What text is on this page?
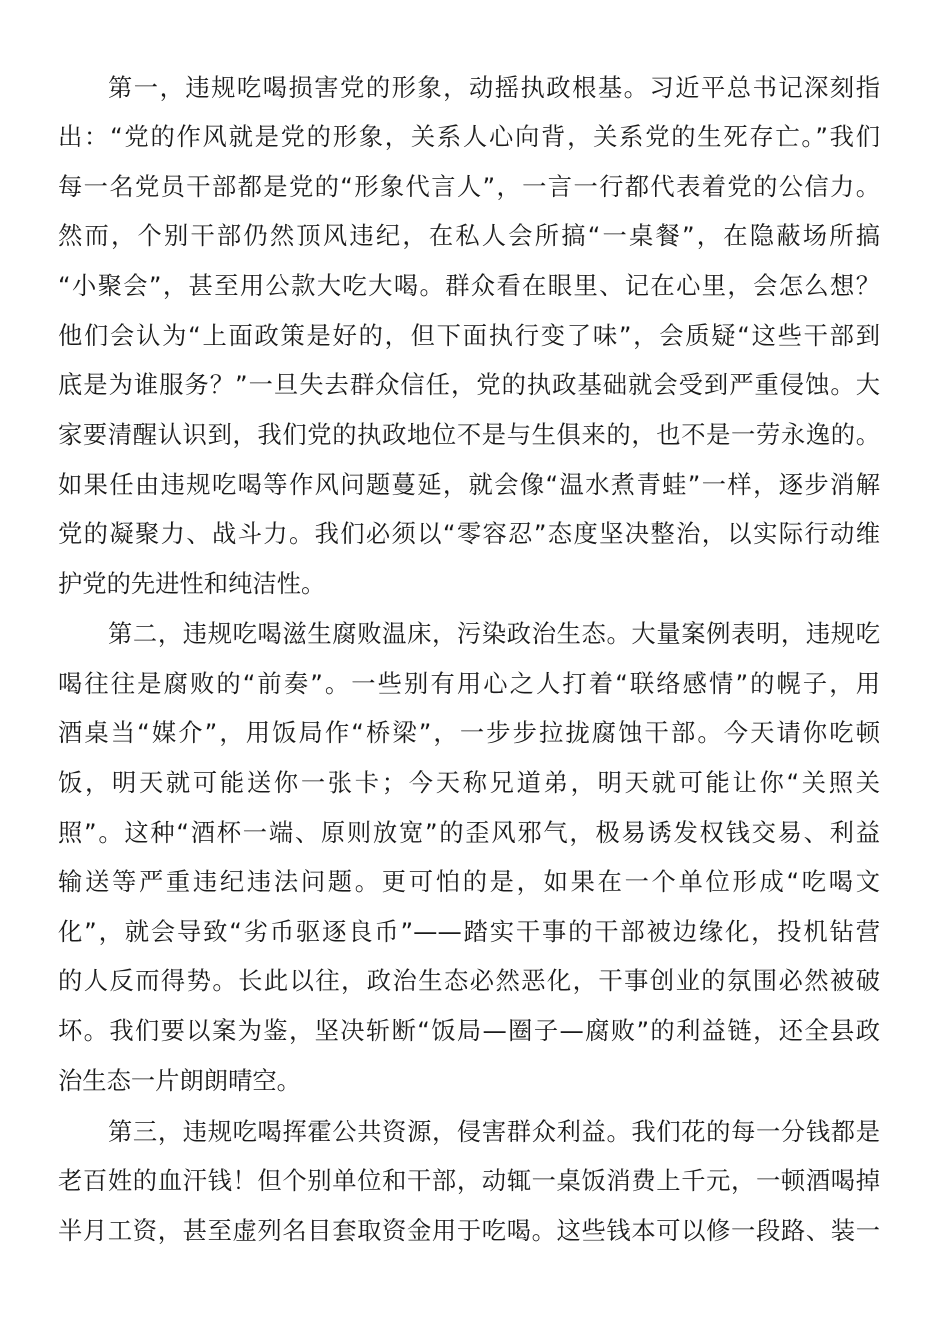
第一，违规吃喝损害党的形象，动摇执政根基。习近平总书记深刻指
出：“党的作风就是党的形象，关系人心向背，关系党的生死存亡。”我们
每一名党员干部都是党的“形象代言人”，一言一行都代表着党的公信力。
然而，个别干部仍然顶风违纪，在私人会所搞“一桌餐”，在隐蔽场所搞
“小聚会”，甚至用公款大吃大喝。群众看在眼里、记在心里，会怎么想？
他们会认为“上面政策是好的，但下面执行变了味”，会质疑“这些干部到
底是为谁服务？”一旦失去群众信任，党的执政基础就会受到严重侵蚀。大
家要清醒认识到，我们党的执政地位不是与生俱来的，也不是一劳永逸的。
如果任由违规吃喝等作风问题蔓延，就会像“温水煮青蛙”一样，逐步消解
党的凝聚力、战斗力。我们必须以“零容忍”态度坚决整治，以实际行动维
护党的先进性和纯洁性。
第二，违规吃喝滋生腐败温床，污染政治生态。大量案例表明，违规吃
喝往往是腐败的“前奏”。一些别有用心之人打着“联络感情”的幌子，用
酒桌当“媒介”，用饭局作“桥梁”，一步步拉拢腐蚀干部。今天请你吃顿
饭，明天就可能送你一张卡；今天称兄道弟，明天就可能让你“关照关
照”。这种“酒杯一端、原则放宽”的歪风邪气，极易诱发权钱交易、利益
输送等严重违纪违法问题。更可怕的是，如果在一个单位形成“吃喝文
化”，就会导致“劣币驱逐良币”——踏实干事的干部被边缘化，投机钻营
的人反而得势。长此以往，政治生态必然恶化，干事创业的氛围必然被破
坏。我们要以案为鉴，坚决斩断“饭局—圈子—腐败”的利益链，还全县政
治生态一片朗朗晴空。
第三，违规吃喝挥霍公共资源，侵害群众利益。我们花的每一分钱都是
老百姓的血汗钱！但个别单位和干部，动辄一桌饭消费上千元，一顿酒喝掉
半月工资，甚至虚列名目套取资金用于吃喝。这些钱本可以修一段路、装一
